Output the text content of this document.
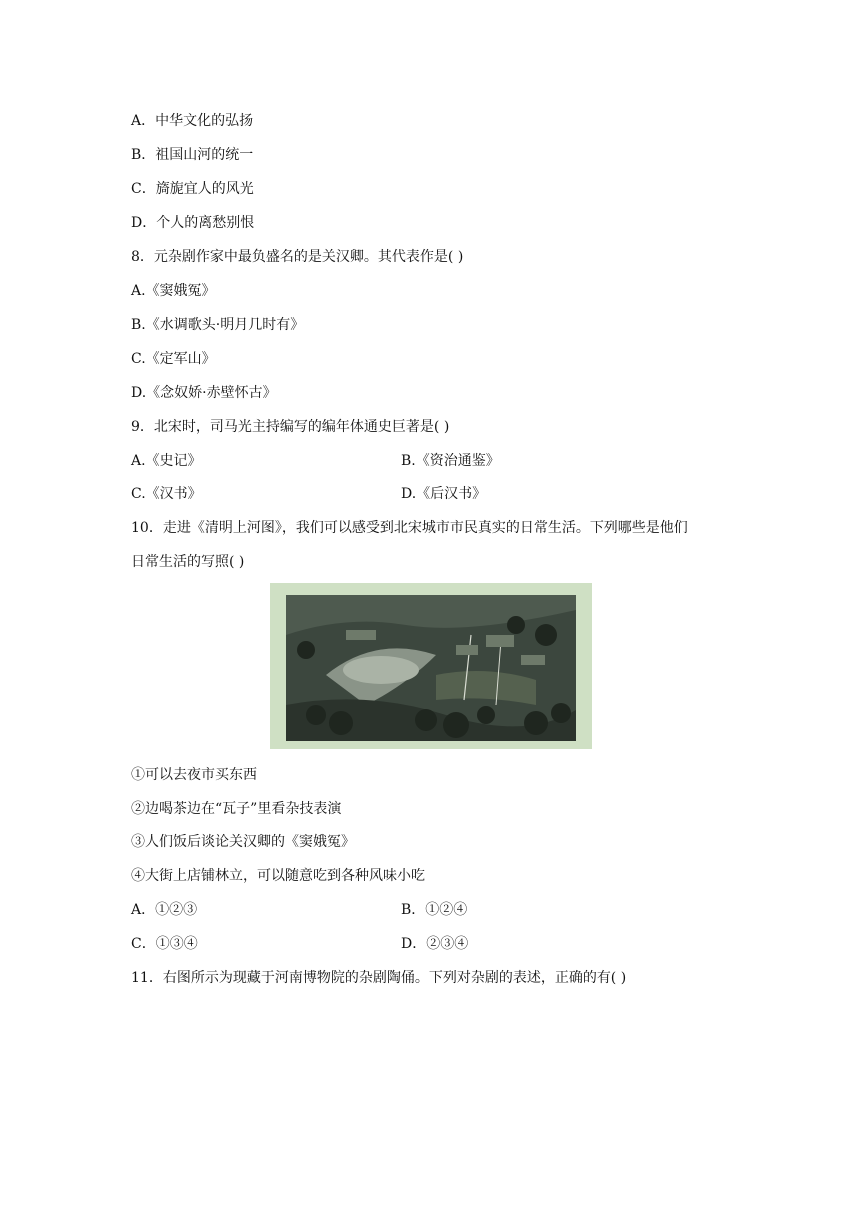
A．中华文化的弘扬
B．祖国山河的统一
C．旖旎宜人的风光
D．个人的离愁别恨
8．元杂剧作家中最负盛名的是关汉卿。其代表作是( )
A.《窦娥冤》
B.《水调歌头·明月几时有》
C.《定军山》
D.《念奴娇·赤壁怀古》
9．北宋时，司马光主持编写的编年体通史巨著是( )
A.《史记》	B.《资治通鉴》
C.《汉书》	D.《后汉书》
10．走进《清明上河图》，我们可以感受到北宋城市市民真实的日常生活。下列哪些是他们
日常生活的写照( )
①可以去夜市买东西
②边喝茶边在“瓦子”里看杂技表演
③人们饭后谈论关汉卿的《窦娥冤》
④大街上店铺林立，可以随意吃到各种风味小吃
A．①②③	B．①②④
C．①③④	D．②③④
11．右图所示为现藏于河南博物院的杂剧陶俑。下列对杂剧的表述，正确的有( )
